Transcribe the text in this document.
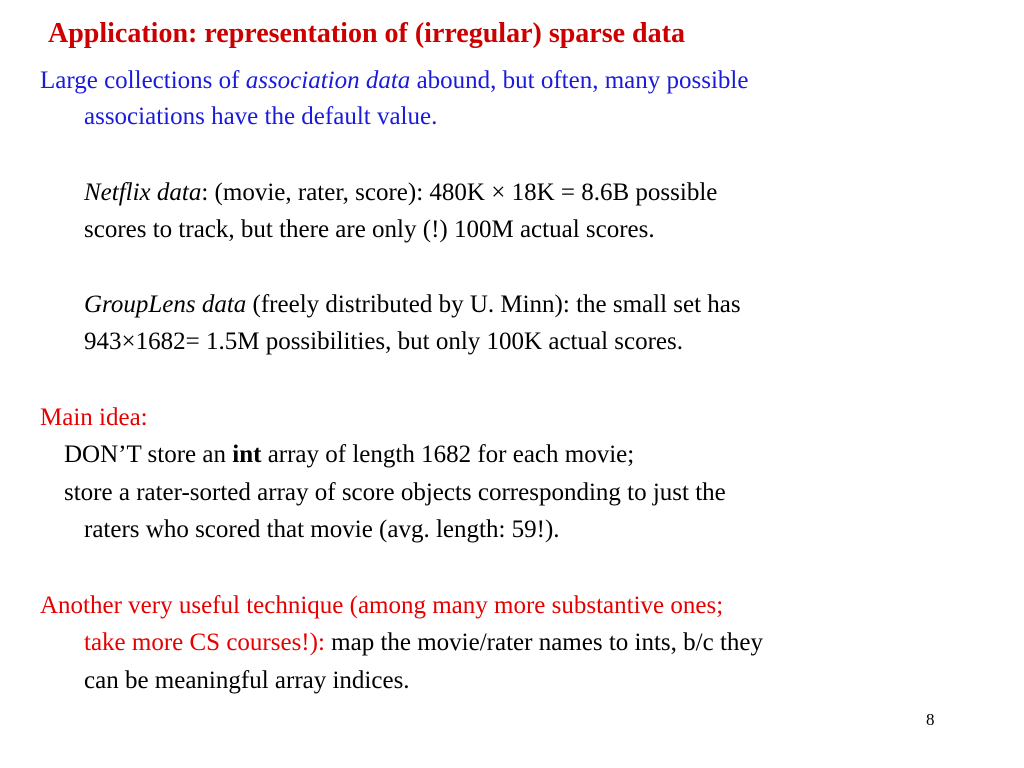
Application: representation of (irregular) sparse data
Large collections of association data abound, but often, many possible
associations have the default value.
Netflix data: (movie, rater, score): 480K × 18K = 8.6B possible
scores to track, but there are only (!) 100M actual scores.
GroupLens data (freely distributed by U. Minn): the small set has
943×1682= 1.5M possibilities, but only 100K actual scores.
Main idea:
DON’T store an int array of length 1682 for each movie;
store a rater-sorted array of score objects corresponding to just the
raters who scored that movie (avg. length: 59!).
Another very useful technique (among many more substantive ones;
take more CS courses!): map the movie/rater names to ints, b/c they
can be meaningful array indices.
8
